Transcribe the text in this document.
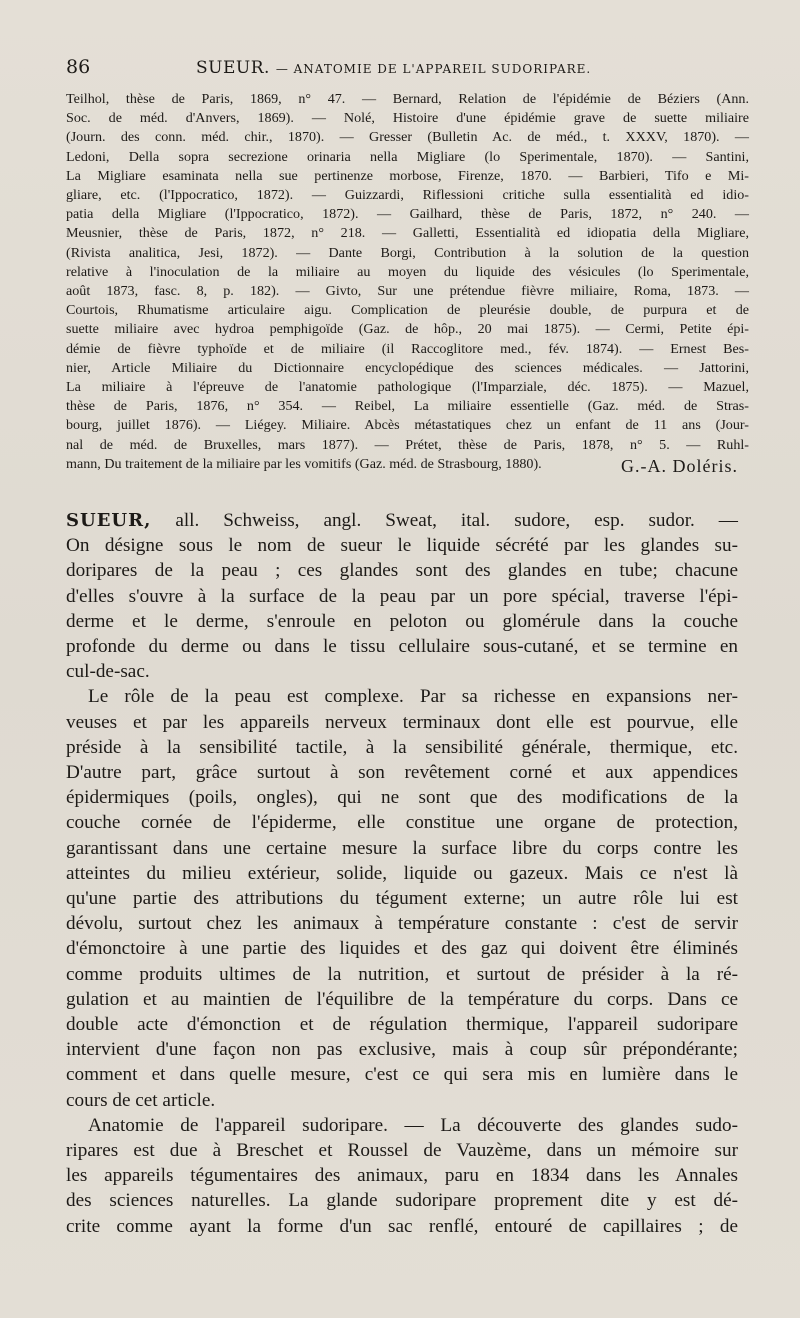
86	SUEUR. — ANATOMIE DE L'APPAREIL SUDORIPARE.
Teilhol, thèse de Paris, 1869, n° 47. — Bernard, Relation de l'épidémie de Béziers (Ann.
Soc. de méd. d'Anvers, 1869). — Nolé, Histoire d'une épidémie grave de suette miliaire
(Journ. des conn. méd. chir., 1870). — Gresser (Bulletin Ac. de méd., t. XXXV, 1870). —
Ledoni, Della sopra secrezione orinaria nella Migliare (lo Sperimentale, 1870). — Santini,
La Migliare esaminata nella sue pertinenze morbose, Firenze, 1870. — Barbieri, Tifo e Mi-
gliare, etc. (l'Ippocratico, 1872). — Guizzardi, Riflessioni critiche sulla essentialità ed idio-
patia della Migliare (l'Ippocratico, 1872). — Gailhard, thèse de Paris, 1872, n° 240. —
Meusnier, thèse de Paris, 1872, n° 218. — Galletti, Essentialità ed idiopatia della Migliare,
(Rivista analitica, Jesi, 1872). — Dante Borgi, Contribution à la solution de la question
relative à l'inoculation de la miliaire au moyen du liquide des vésicules (lo Sperimentale,
août 1873, fasc. 8, p. 182). — Givto, Sur une prétendue fièvre miliaire, Roma, 1873. —
Courtois, Rhumatisme articulaire aigu. Complication de pleurésie double, de purpura et de
suette miliaire avec hydroa pemphigoïde (Gaz. de hôp., 20 mai 1875). — Cermi, Petite épi-
démie de fièvre typhoïde et de miliaire (il Raccoglitore med., fév. 1874). — Ernest Bes-
nier, Article Miliaire du Dictionnaire encyclopédique des sciences médicales. — Jattorini,
La miliaire à l'épreuve de l'anatomie pathologique (l'Imparziale, déc. 1875). — Mazuel,
thèse de Paris, 1876, n° 354. — Reibel, La miliaire essentielle (Gaz. méd. de Stras-
bourg, juillet 1876). — Liégey. Miliaire. Abcès métastatiques chez un enfant de 11 ans (Jour-
nal de méd. de Bruxelles, mars 1877). — Prétet, thèse de Paris, 1878, n° 5. — Ruhl-
mann, Du traitement de la miliaire par les vomitifs (Gaz. méd. de Strasbourg, 1880).	G.-A. Doléris.
SUEUR, all. Schweiss, angl. Sweat, ital. sudore, esp. sudor. —
On désigne sous le nom de sueur le liquide sécrété par les glandes su-
doripares de la peau ; ces glandes sont des glandes en tube; chacune
d'elles s'ouvre à la surface de la peau par un pore spécial, traverse l'épi-
derme et le derme, s'enroule en peloton ou glomérule dans la couche
profonde du derme ou dans le tissu cellulaire sous-cutané, et se termine en
cul-de-sac.
Le rôle de la peau est complexe. Par sa richesse en expansions ner-
veuses et par les appareils nerveux terminaux dont elle est pourvue, elle
préside à la sensibilité tactile, à la sensibilité générale, thermique, etc.
D'autre part, grâce surtout à son revêtement corné et aux appendices
épidermiques (poils, ongles), qui ne sont que des modifications de la
couche cornée de l'épiderme, elle constitue une organe de protection,
garantissant dans une certaine mesure la surface libre du corps contre les
atteintes du milieu extérieur, solide, liquide ou gazeux. Mais ce n'est là
qu'une partie des attributions du tégument externe; un autre rôle lui est
dévolu, surtout chez les animaux à température constante : c'est de servir
d'émonctoire à une partie des liquides et des gaz qui doivent être éliminés
comme produits ultimes de la nutrition, et surtout de présider à la ré-
gulation et au maintien de l'équilibre de la température du corps. Dans ce
double acte d'émonction et de régulation thermique, l'appareil sudoripare
intervient d'une façon non pas exclusive, mais à coup sûr prépondérante;
comment et dans quelle mesure, c'est ce qui sera mis en lumière dans le
cours de cet article.
Anatomie de l'appareil sudoripare. — La découverte des glandes sudo-
ripares est due à Breschet et Roussel de Vauzème, dans un mémoire sur
les appareils tégumentaires des animaux, paru en 1834 dans les Annales
des sciences naturelles. La glande sudoripare proprement dite y est dé-
crite comme ayant la forme d'un sac renflé, entouré de capillaires ; de
